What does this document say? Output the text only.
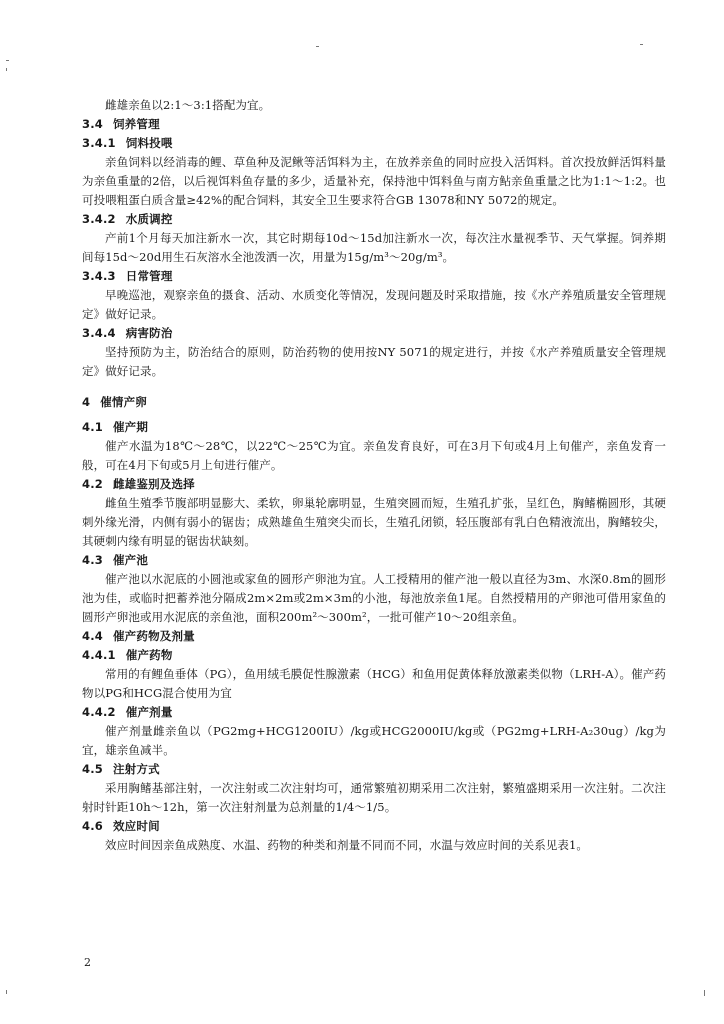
雌雄亲鱼以2:1～3:1搭配为宜。

3.4 饲养管理
3.4.1 饲料投喂

亲鱼饲料以经消毒的鲤、草鱼种及泥鳅等活饵料为主，在放养亲鱼的同时应投入活饵料。首次投放鲜活饵料量为亲鱼重量的2倍，以后视饵料鱼存量的多少，适量补充，保持池中饵料鱼与南方鲇亲鱼重量之比为1:1～1:2。也可投喂粗蛋白质含量≥42%的配合饲料，其安全卫生要求符合GB 13078和NY 5072的规定。

3.4.2 水质调控

产前1个月每天加注新水一次，其它时期每10d～15d加注新水一次，每次注水量视季节、天气掌握。饲养期间每15d～20d用生石灰溶水全池泼洒一次，用量为15g/m³～20g/m³。

3.4.3 日常管理

早晚巡池，观察亲鱼的摄食、活动、水质变化等情况，发现问题及时采取措施，按《水产养殖质量安全管理规定》做好记录。

3.4.4 病害防治

坚持预防为主，防治结合的原则，防治药物的使用按NY 5071的规定进行，并按《水产养殖质量安全管理规定》做好记录。

4 催情产卵
4.1 催产期

催产水温为18℃～28℃，以22℃～25℃为宜。亲鱼发育良好，可在3月下旬或4月上旬催产，亲鱼发育一般，可在4月下旬或5月上旬进行催产。

4.2 雌雄鉴别及选择

雌鱼生殖季节腹部明显膨大、柔软，卵巢轮廓明显，生殖突圆而短，生殖孔扩张，呈红色，胸鳍椭圆形，其硬刺外缘光滑，内侧有弱小的锯齿；成熟雄鱼生殖突尖而长，生殖孔闭锁，轻压腹部有乳白色精液流出，胸鳍较尖，其硬刺内缘有明显的锯齿状缺刻。

4.3 催产池

催产池以水泥底的小圆池或家鱼的圆形产卵池为宜。人工授精用的催产池一般以直径为3m、水深0.8m的圆形池为佳，或临时把蓄养池分隔成2m×2m或2m×3m的小池，每池放亲鱼1尾。自然授精用的产卵池可借用家鱼的圆形产卵池或用水泥底的亲鱼池，面积200m²～300m²，一批可催产10～20组亲鱼。

4.4 催产药物及剂量
4.4.1 催产药物

常用的有鲤鱼垂体（PG），鱼用绒毛膜促性腺激素（HCG）和鱼用促黄体释放激素类似物（LRH-A）。催产药物以PG和HCG混合使用为宜

4.4.2 催产剂量

催产剂量雌亲鱼以（PG2mg+HCG1200IU）/kg或HCG2000IU/kg或（PG2mg+LRH-A₂30ug）/kg为宜，雄亲鱼减半。

4.5 注射方式

采用胸鳍基部注射，一次注射或二次注射均可，通常繁殖初期采用二次注射，繁殖盛期采用一次注射。二次注射时针距10h～12h，第一次注射剂量为总剂量的1/4～1/5。

4.6 效应时间

效应时间因亲鱼成熟度、水温、药物的种类和剂量不同而不同，水温与效应时间的关系见表1。

2
